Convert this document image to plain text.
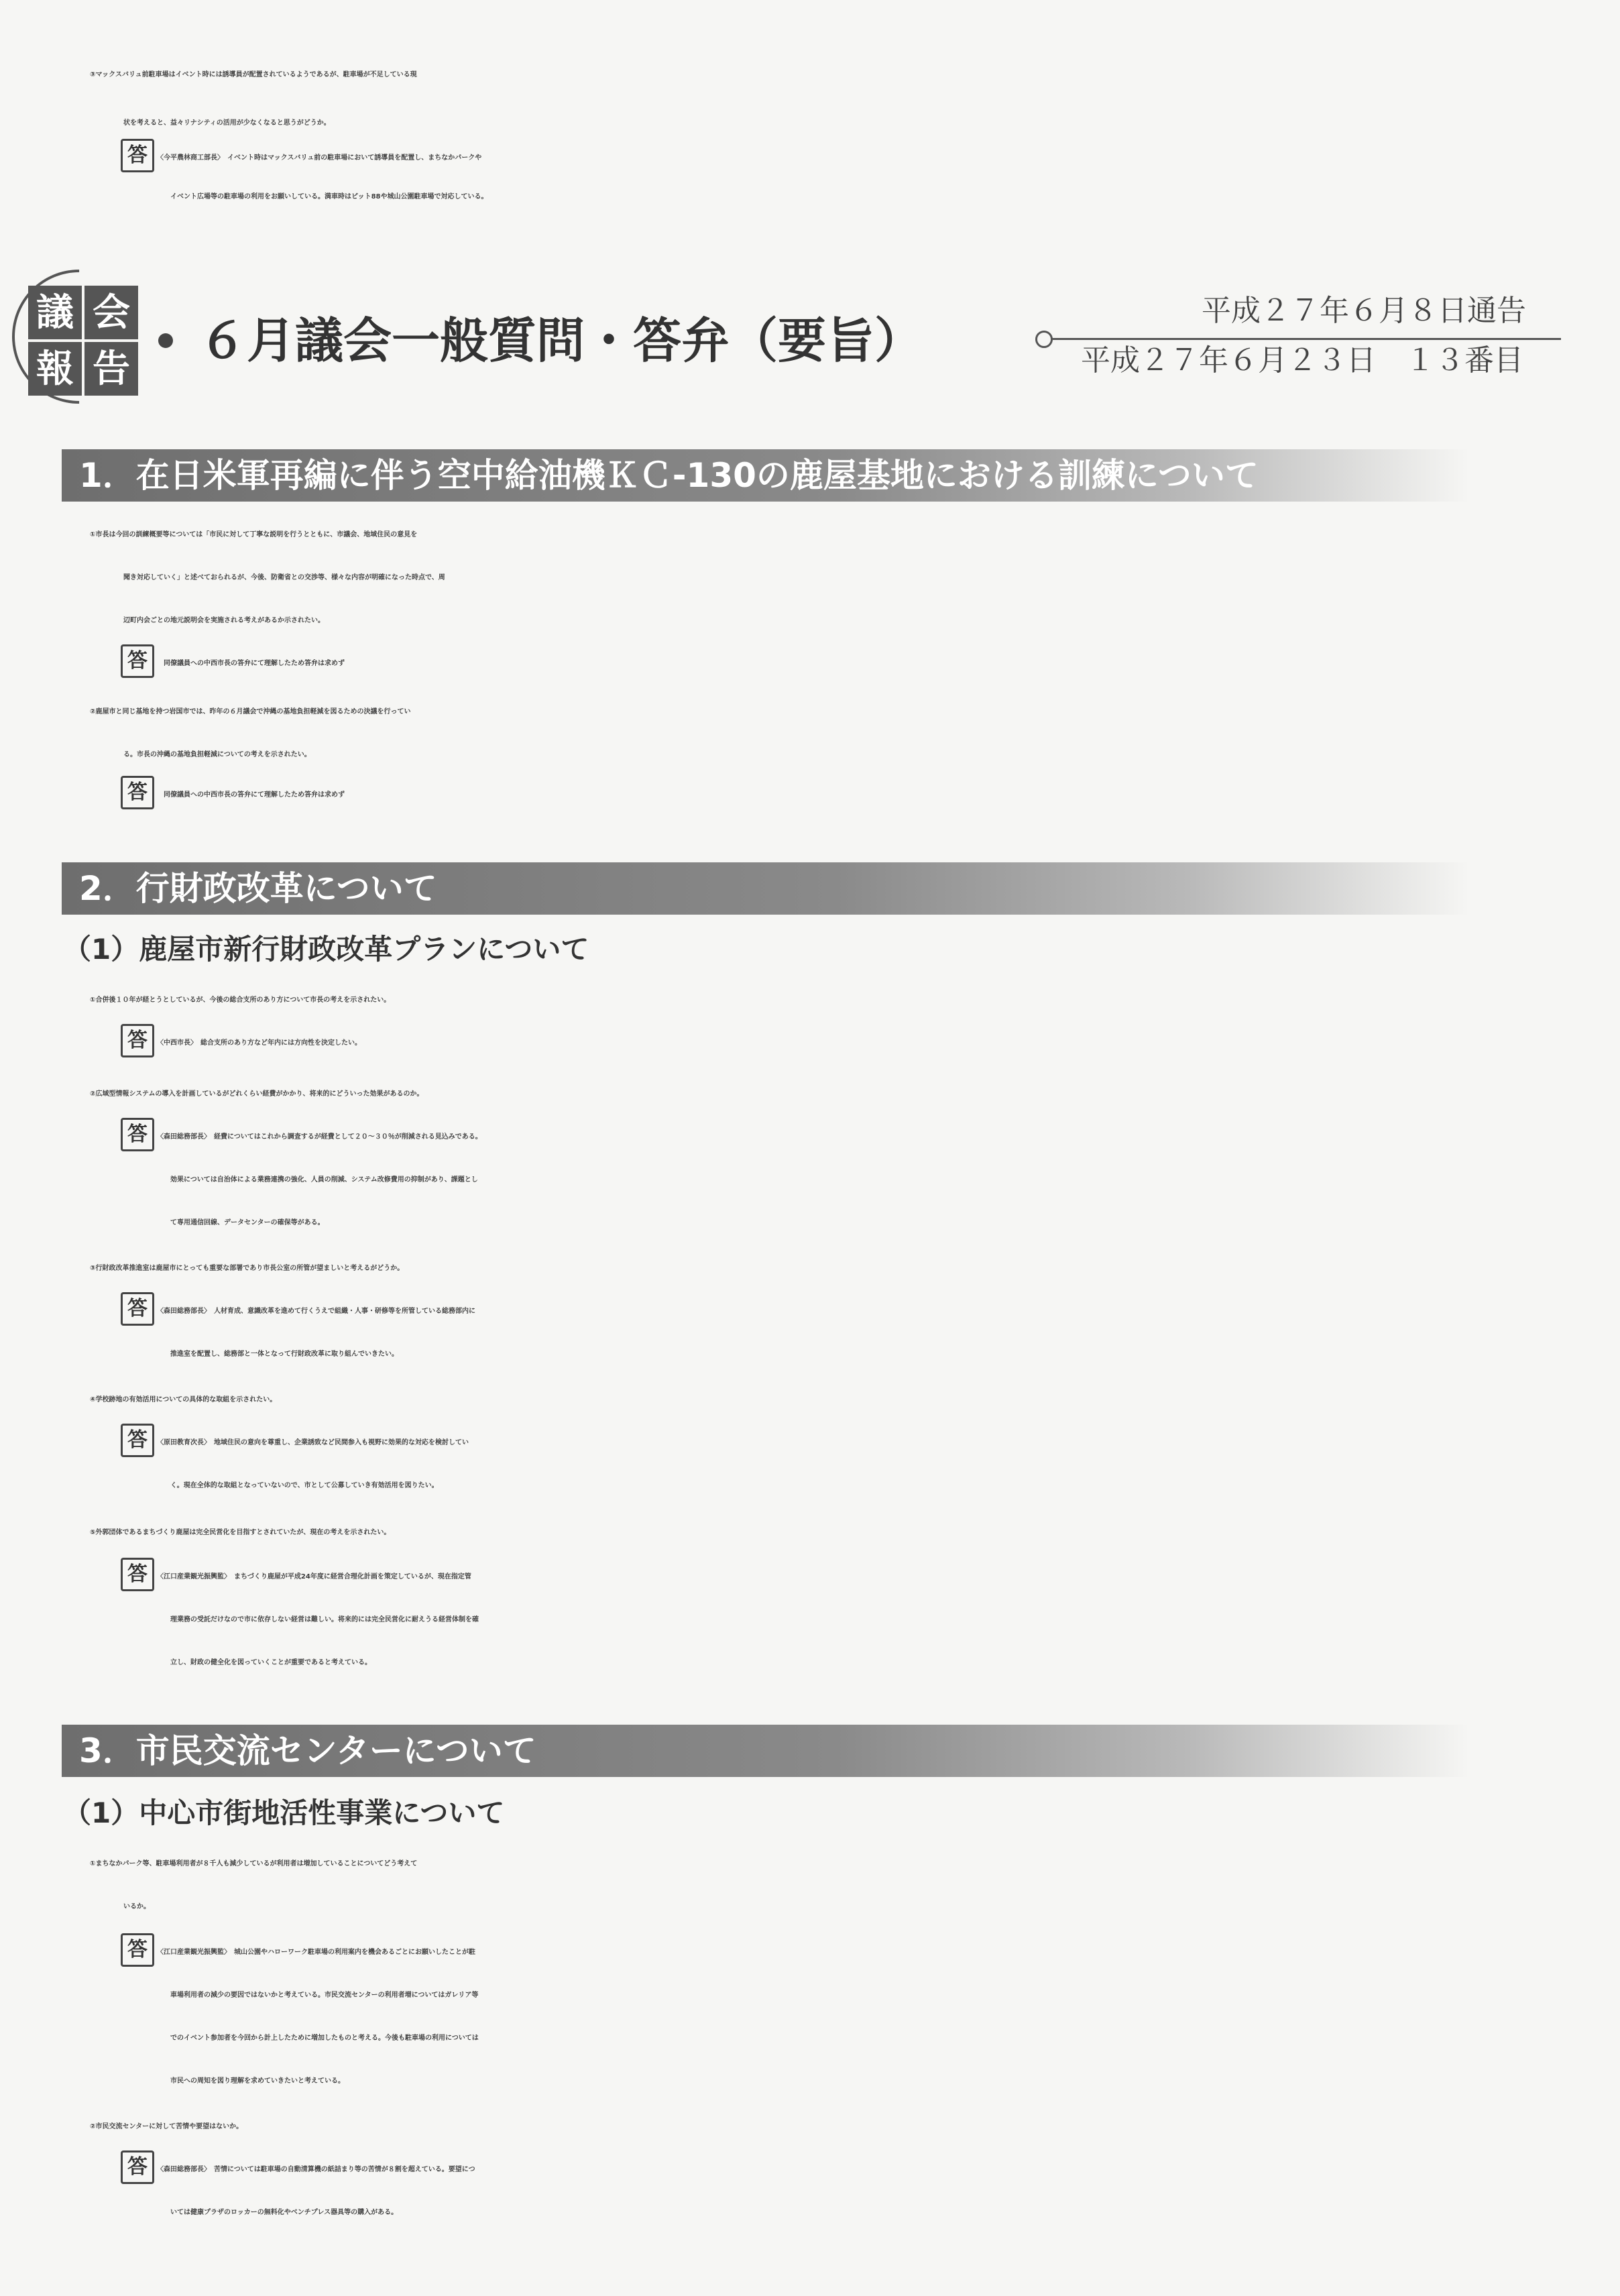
③マックスバリュ前駐車場はイベント時には誘導員が配置されているようであるが、駐車場が不足している現
状を考えると、益々リナシティの活用が少なくなると思うがどうか。
答 〈今平農林商工部長〉　イベント時はマックスバリュ前の駐車場において誘導員を配置し、まちなかパークや
イベント広場等の駐車場の利用をお願いしている。満車時はピット88や城山公園駐車場で対応している。
議 会
報 告 ６月議会一般質問・答弁（要旨）
平成２７年６月８日通告
平成２７年６月２３日　１３番目
1．在日米軍再編に伴う空中給油機ＫＣ-130の鹿屋基地における訓練について
①市長は今回の訓練概要等については「市民に対して丁寧な説明を行うとともに、市議会、地域住民の意見を
聞き対応していく」と述べておられるが、今後、防衛省との交渉等、様々な内容が明確になった時点で、周
辺町内会ごとの地元説明会を実施される考えがあるか示されたい。
答　同僚議員への中西市長の答弁にて理解したため答弁は求めず
②鹿屋市と同じ基地を持つ岩国市では、昨年の６月議会で沖縄の基地負担軽減を図るための決議を行ってい
る。市長の沖縄の基地負担軽減についての考えを示されたい。
答　同僚議員への中西市長の答弁にて理解したため答弁は求めず
2．行財政改革について
（1）鹿屋市新行財政改革プランについて
①合併後１０年が経とうとしているが、今後の総合支所のあり方について市長の考えを示されたい。
答 〈中西市長〉　総合支所のあり方など年内には方向性を決定したい。
②広域型情報システムの導入を計画しているがどれくらい経費がかかり、将来的にどういった効果があるのか。
答 〈森田総務部長〉　経費についてはこれから調査するが経費として２０～３０％が削減される見込みである。
効果については自治体による業務連携の強化、人員の削減、システム改修費用の抑制があり、課題とし
て専用通信回線、データセンターの確保等がある。
③行財政改革推進室は鹿屋市にとっても重要な部署であり市長公室の所管が望ましいと考えるがどうか。
答 〈森田総務部長〉　人材育成、意識改革を進めて行くうえで組織・人事・研修等を所管している総務部内に
推進室を配置し、総務部と一体となって行財政改革に取り組んでいきたい。
④学校跡地の有効活用についての具体的な取組を示されたい。
答 〈原田教育次長〉　地域住民の意向を尊重し、企業誘致など民間参入も視野に効果的な対応を検討してい
く。現在全体的な取組となっていないので、市として公募していき有効活用を図りたい。
⑤外郭団体であるまちづくり鹿屋は完全民営化を目指すとされていたが、現在の考えを示されたい。
答 〈江口産業観光振興監〉　まちづくり鹿屋が平成24年度に経営合理化計画を策定しているが、現在指定管
理業務の受託だけなので市に依存しない経営は難しい。将来的には完全民営化に耐えうる経営体制を確
立し、財政の健全化を図っていくことが重要であると考えている。
3．市民交流センターについて
（1）中心市街地活性事業について
①まちなかパーク等、駐車場利用者が８千人も減少しているが利用者は増加していることについてどう考えて
いるか。
答 〈江口産業観光振興監〉　城山公園やハローワーク駐車場の利用案内を機会あるごとにお願いしたことが駐
車場利用者の減少の要因ではないかと考えている。市民交流センターの利用者増についてはガレリア等
でのイベント参加者を今回から計上したために増加したものと考える。今後も駐車場の利用については
市民への周知を図り理解を求めていきたいと考えている。
②市民交流センターに対して苦情や要望はないか。
答 〈森田総務部長〉　苦情については駐車場の自動清算機の紙詰まり等の苦情が８割を超えている。要望につ
いては健康プラザのロッカーの無料化やベンチプレス器具等の購入がある。
